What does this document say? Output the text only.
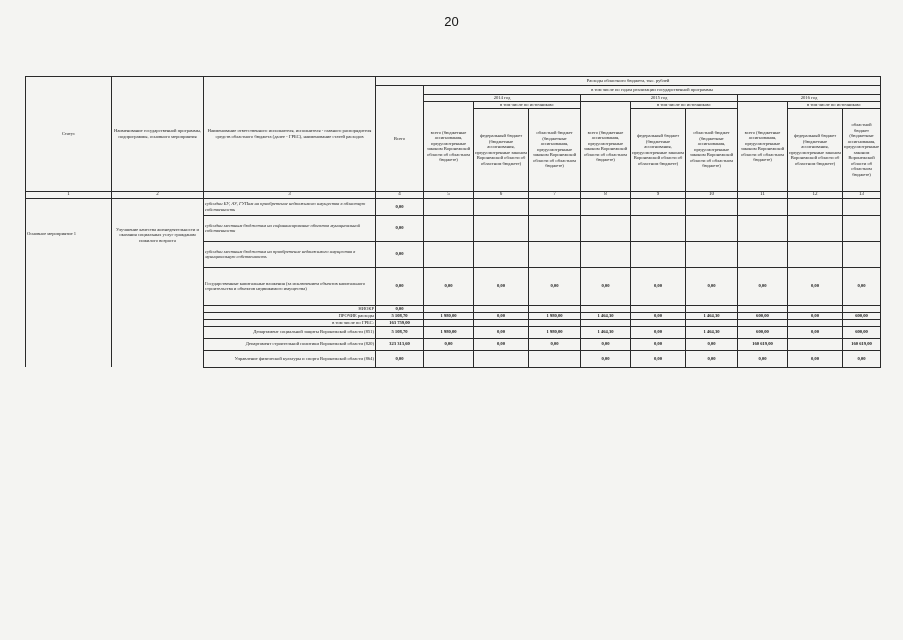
20
Статус	Наименование государственной программы, подпрограммы, основного мероприятия	Наименование ответственного исполнителя, исполнителя - главного распорядителя средств областного бюджета (далее - ГРБС), наименование статей расходов	Расходы областного бюджета, тыс. рублей									
			Всего	в том числе по годам реализации государственной программы								
				2014 год			2015 год			2016 год		
				всего (бюджетные ассигнования, предусмотренные законом Воронежской области об областном бюджете)	в том числе по источникам:		всего (бюджетные ассигнования, предусмотренные законом Воронежской области об областном бюджете)	в том числе по источникам:		всего (бюджетные ассигнования, предусмотренные законом Воронежской области об областном бюджете)	в том числе по источникам:	
					федеральный бюджет (бюджетные ассигнования, предусмотренные законом Воронежской области об областном бюджете)	областной бюджет (бюджетные ассигнования, предусмотренные законом Воронежской области об областном бюджете)		федеральный бюджет (бюджетные ассигнования, предусмотренные законом Воронежской области об областном бюджете)	областной бюджет (бюджетные ассигнования, предусмотренные законом Воронежской области об областном бюджете)		федеральный бюджет (бюджетные ассигнования, предусмотренные законом Воронежской области об областном бюджете)	областной бюджет (бюджетные ассигнования, предусмотренные законом Воронежской области об областном бюджете)

1	2	3	4	5	6	7	8	9	10	11	12	13
Основное мероприятие 1	Улучшение качества жизнедеятельности и оказания социальных услуг гражданам пожилого возраста	субсидии БУ, АУ, ГУПам на приобретение недвижимого имущества в областную собственность	0,00									
		субсидии местным бюджетам на софинансирование объектов муниципальной собственности	0,00									
		субсидии местным бюджетам на приобретение недвижимого имущества в муниципальную собственность	0,00									
		Государственные капитальные вложения (за исключением объектов капитального строительства и объектов недвижимого имущества)	0,00	0,00	0,00	0,00	0,00	0,00	0,00	0,00	0,00	0,00
		НИОКР	0,00									
		ПРОЧИЕ расходы	5 108,70	1 980,00	0,00	1 980,00	1 464,30	0,00	1 464,30	600,00	0,00	600,00
		в том числе по ГРБС:	163 759,00									
		Департамент социальной защиты Воронежской области (851)	5 108,70	1 980,00	0,00	1 980,00	1 464,30	0,00	1 464,30	600,00	0,00	600,00
		Департамент строительной политики Воронежской области (820)	323 313,60	0,00	0,00	0,00	0,00	0,00	0,00	160 619,00		160 619,00
		Управление физической культуры и спорта Воронежской области (864)	0,00				0,00	0,00	0,00	0,00	0,00	0,00
